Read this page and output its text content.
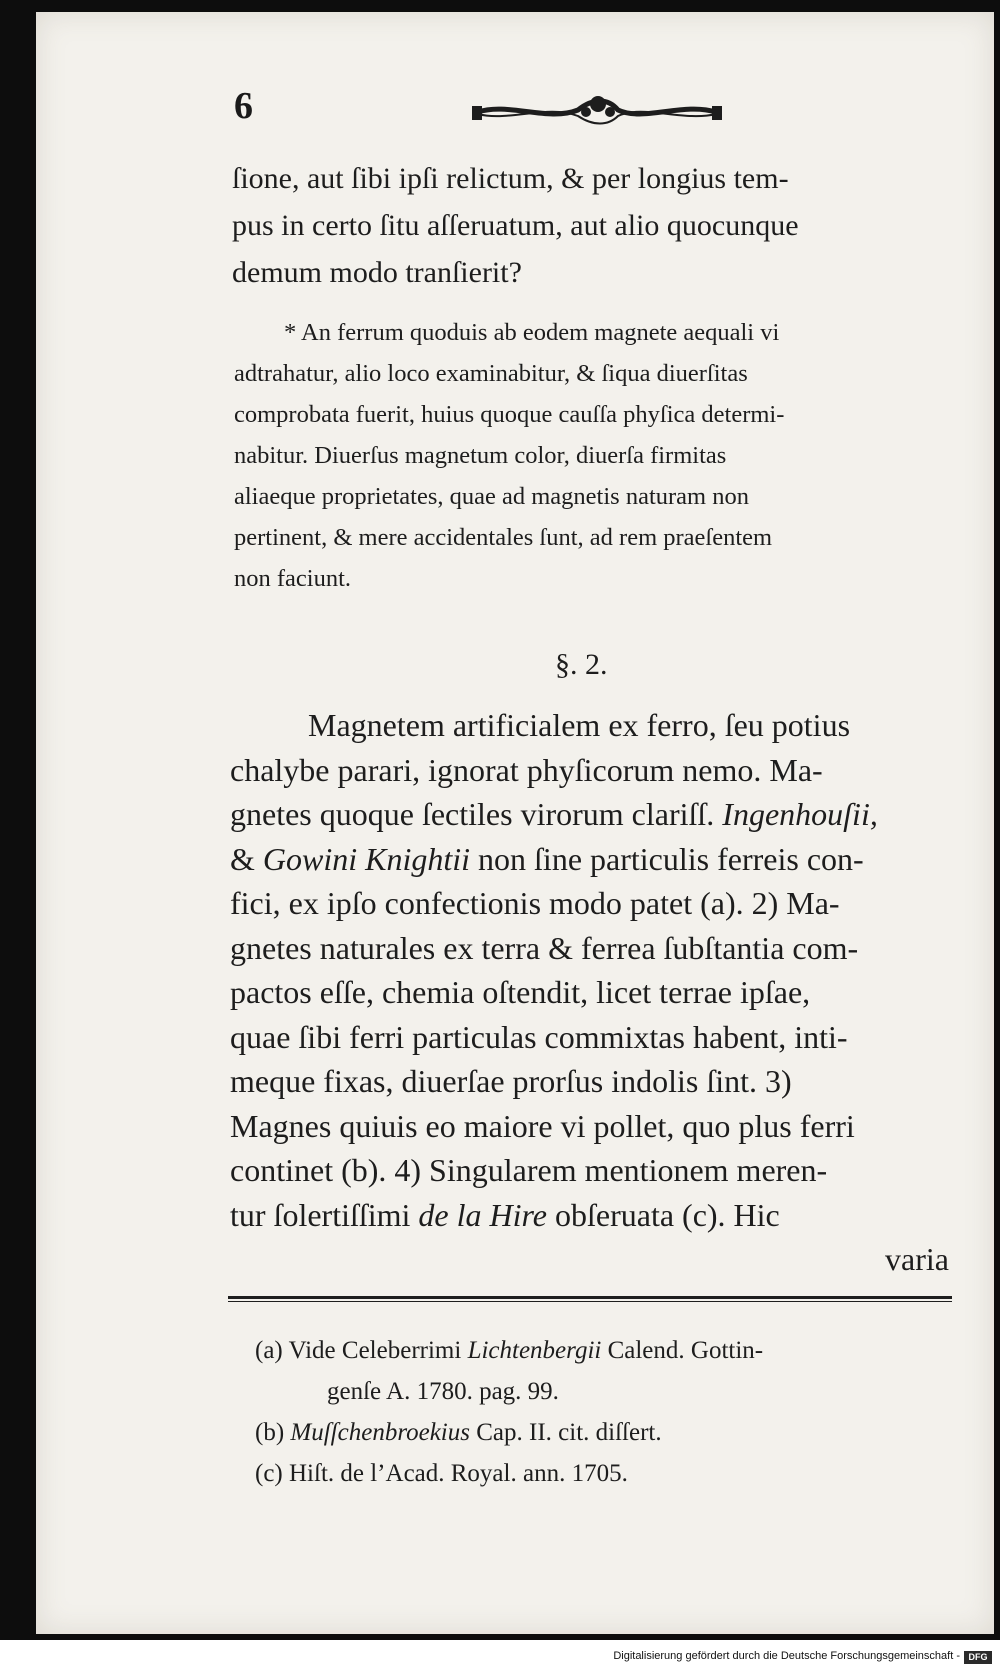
6
ſione, aut ſibi ipſi relictum, & per longius tem-
pus in certo ſitu aſſeruatum, aut alio quocunque
demum modo tranſierit?
* An ferrum quoduis ab eodem magnete aequali vi
adtrahatur, alio loco examinabitur, & ſiqua diuerſitas
comprobata fuerit, huius quoque cauſſa phyſica determi-
nabitur. Diuerſus magnetum color, diuerſa firmitas
aliaeque proprietates, quae ad magnetis naturam non
pertinent, & mere accidentales ſunt, ad rem praeſentem
non faciunt.
§. 2.
Magnetem artificialem ex ferro, ſeu potius
chalybe parari, ignorat phyſicorum nemo. Ma-
gnetes quoque ſectiles virorum clariſſ. Ingenhouſii,
& Gowini Knightii non ſine particulis ferreis con-
fici, ex ipſo confectionis modo patet (a). 2) Ma-
gnetes naturales ex terra & ferrea ſubſtantia com-
pactos eſſe, chemia oſtendit, licet terrae ipſae,
quae ſibi ferri particulas commixtas habent, inti-
meque fixas, diuerſae prorſus indolis ſint. 3)
Magnes quiuis eo maiore vi pollet, quo plus ferri
continet (b). 4) Singularem mentionem meren-
tur ſolertiſſimi de la Hire obſeruata (c). Hic
varia
(a) Vide Celeberrimi Lichtenbergii Calend. Gottin-
genſe A. 1780. pag. 99.
(b) Muſſchenbroekius Cap. II. cit. diſſert.
(c) Hiſt. de l’Acad. Royal. ann. 1705.
Digitalisierung gefördert durch die Deutsche Forschungsgemeinschaft - DFG
